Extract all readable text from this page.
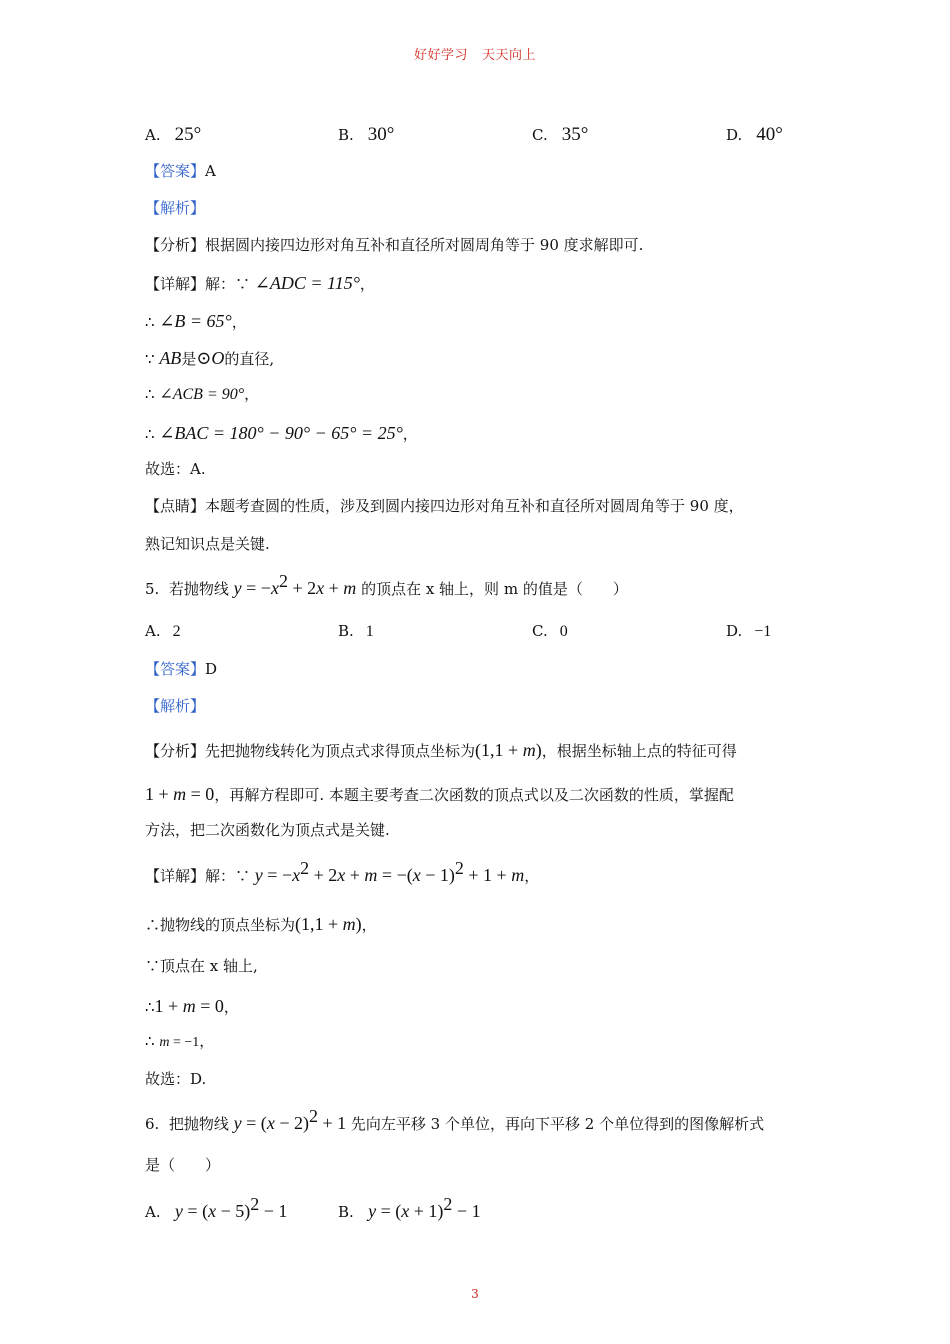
好好学习 天天向上
A. 25°	B. 30°	C. 35°	D. 40°
【答案】A
【解析】
【分析】根据圆内接四边形对角互补和直径所对圆周角等于 90 度求解即可.
【详解】解：∵ ∠ADC = 115°，
∴ ∠B = 65°，
∵ AB是⊙O的直径,
∴ ∠ACB = 90°，
∴ ∠BAC = 180° − 90° − 65° = 25°，
故选：A.
【点睛】本题考查圆的性质，涉及到圆内接四边形对角互补和直径所对圆周角等于 90 度，
熟记知识点是关键.
5. 若抛物线 $y = -x^2 + 2x + m$ 的顶点在 x 轴上，则 m 的值是（　　）
A. 2	B. 1	C. 0	D. −1
【答案】D
【解析】
【分析】先把抛物线转化为顶点式求得顶点坐标为(1,1 + m)，根据坐标轴上点的特征可得
1 + m = 0，再解方程即可. 本题主要考查二次函数的顶点式以及二次函数的性质，掌握配
方法，把二次函数化为顶点式是关键.
【详解】解：∵ $y = -x^2 + 2x + m = -(x - 1)^2 + 1 + m$，
∴抛物线的顶点坐标为(1,1 + m)，
∵顶点在 x 轴上,
∴1 + m = 0，
∴ m = −1，
故选：D.
6. 把抛物线 $y = (x - 2)^2 + 1$ 先向左平移 3 个单位，再向下平移 2 个单位得到的图像解析式
是（　　）
A. $y = (x - 5)^2 - 1$	B. $y = (x + 1)^2 - 1$
3
